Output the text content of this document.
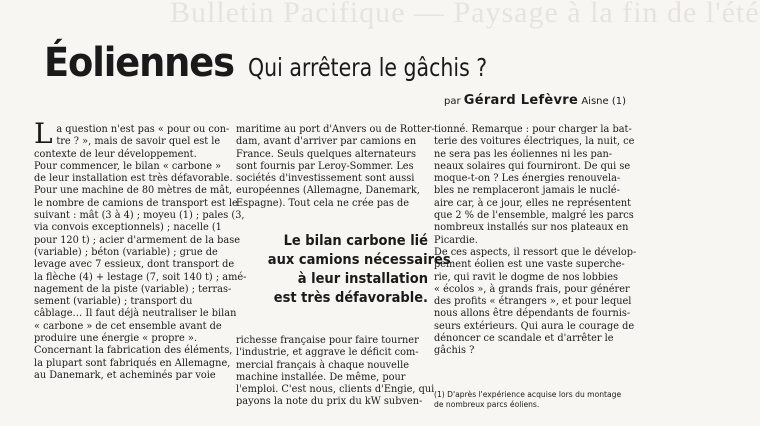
Bulletin Pacifique — Paysage à la fin de l'été
Éoliennes Qui arrêtera le gâchis ?
par Gérard Lefèvre Aisne (1)
L a question n'est pas « pour ou con-
tre ? », mais de savoir quel est le
contexte de leur développement.
Pour commencer, le bilan « carbone »
de leur installation est très défavorable.
Pour une machine de 80 mètres de mât,
le nombre de camions de transport est le
suivant : mât (3 à 4) ; moyeu (1) ; pales (3,
via convois exceptionnels) ; nacelle (1
pour 120 t) ; acier d'armement de la base
(variable) ; béton (variable) ; grue de
levage avec 7 essieux, dont transport de
la flèche (4) + lestage (7, soit 140 t) ; amé-
nagement de la piste (variable) ; terras-
sement (variable) ; transport du
câblage… Il faut déjà neutraliser le bilan
« carbone » de cet ensemble avant de
produire une énergie « propre ».
Concernant la fabrication des éléments,
la plupart sont fabriqués en Allemagne,
au Danemark, et acheminés par voie
maritime au port d'Anvers ou de Rotter-
dam, avant d'arriver par camions en
France. Seuls quelques alternateurs
sont fournis par Leroy-Sommer. Les
sociétés d'investissement sont aussi
européennes (Allemagne, Danemark,
Espagne). Tout cela ne crée pas de
Le bilan carbone lié
aux camions nécessaires
à leur installation
est très défavorable.
richesse française pour faire tourner
l'industrie, et aggrave le déficit com-
mercial français à chaque nouvelle
machine installée. De même, pour
l'emploi. C'est nous, clients d'Engie, qui
payons la note du prix du kW subven-
tionné. Remarque : pour charger la bat-
terie des voitures électriques, la nuit, ce
ne sera pas les éoliennes ni les pan-
neaux solaires qui fourniront. De qui se
moque-t-on ? Les énergies renouvela-
bles ne remplaceront jamais le nuclé-
aire car, à ce jour, elles ne représentent
que 2 % de l'ensemble, malgré les parcs
nombreux installés sur nos plateaux en
Picardie.
De ces aspects, il ressort que le dévelop-
pement éolien est une vaste superche-
rie, qui ravit le dogme de nos lobbies
« écolos », à grands frais, pour générer
des profits « étrangers », et pour lequel
nous allons être dépendants de fournis-
seurs extérieurs. Qui aura le courage de
dénoncer ce scandale et d'arrêter le
gâchis ?
(1) D'après l'expérience acquise lors du montage
de nombreux parcs éoliens.
